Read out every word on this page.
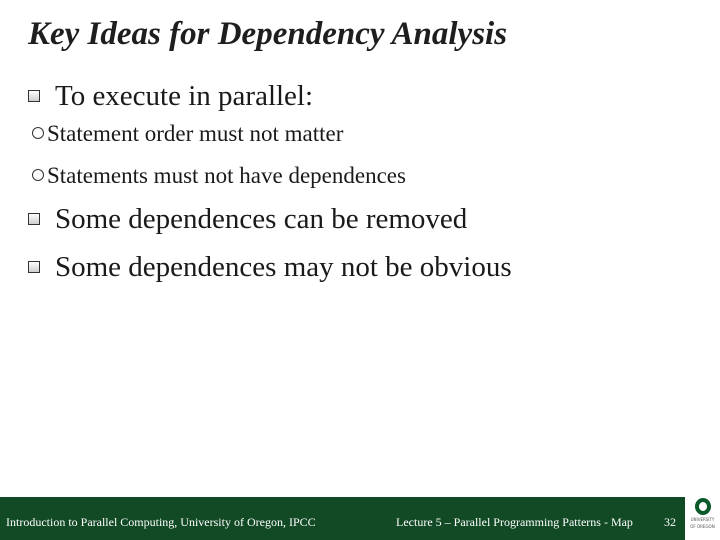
Key Ideas for Dependency Analysis
To execute in parallel:
Statement order must not matter
Statements must not have dependences
Some dependences can be removed
Some dependences may not be obvious
Introduction to Parallel Computing, University of Oregon, IPCC	Lecture 5 – Parallel Programming Patterns - Map	32	UNIVERSITY
OF OREGON
